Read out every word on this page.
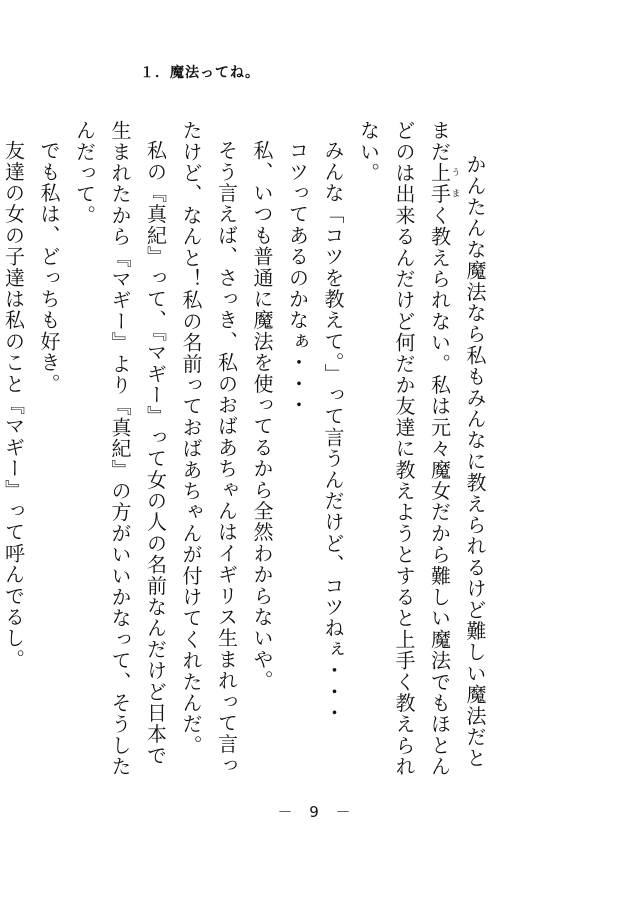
１．魔法ってね。

かんたんな魔法なら私もみんなに教えられるけど難しい魔法だとまだ上手うまく教えられない。私は元々魔女だから難しい魔法でもほとんどのは出来るんだけど何だか友達に教えようとすると上手く教えられない。

みんな「コツを教えて。」って言うんだけど、コツねぇ・・・

コツってあるのかなぁ・・・

私、いつも普通に魔法を使ってるから全然わからないや。

そう言えば、さっき、私のおばあちゃんはイギリス生まれって言ったけど、なんと！私の名前っておばあちゃんが付けてくれたんだ。

私の『真紀』って、『マギー』って女の人の名前なんだけど日本で生まれたから『マギー』より『真紀』の方がいいかなって、そうしたんだって。

でも私は、どっちも好き。

友達の女の子達は私のこと『マギー』って呼んでるし。

－ 9 －
